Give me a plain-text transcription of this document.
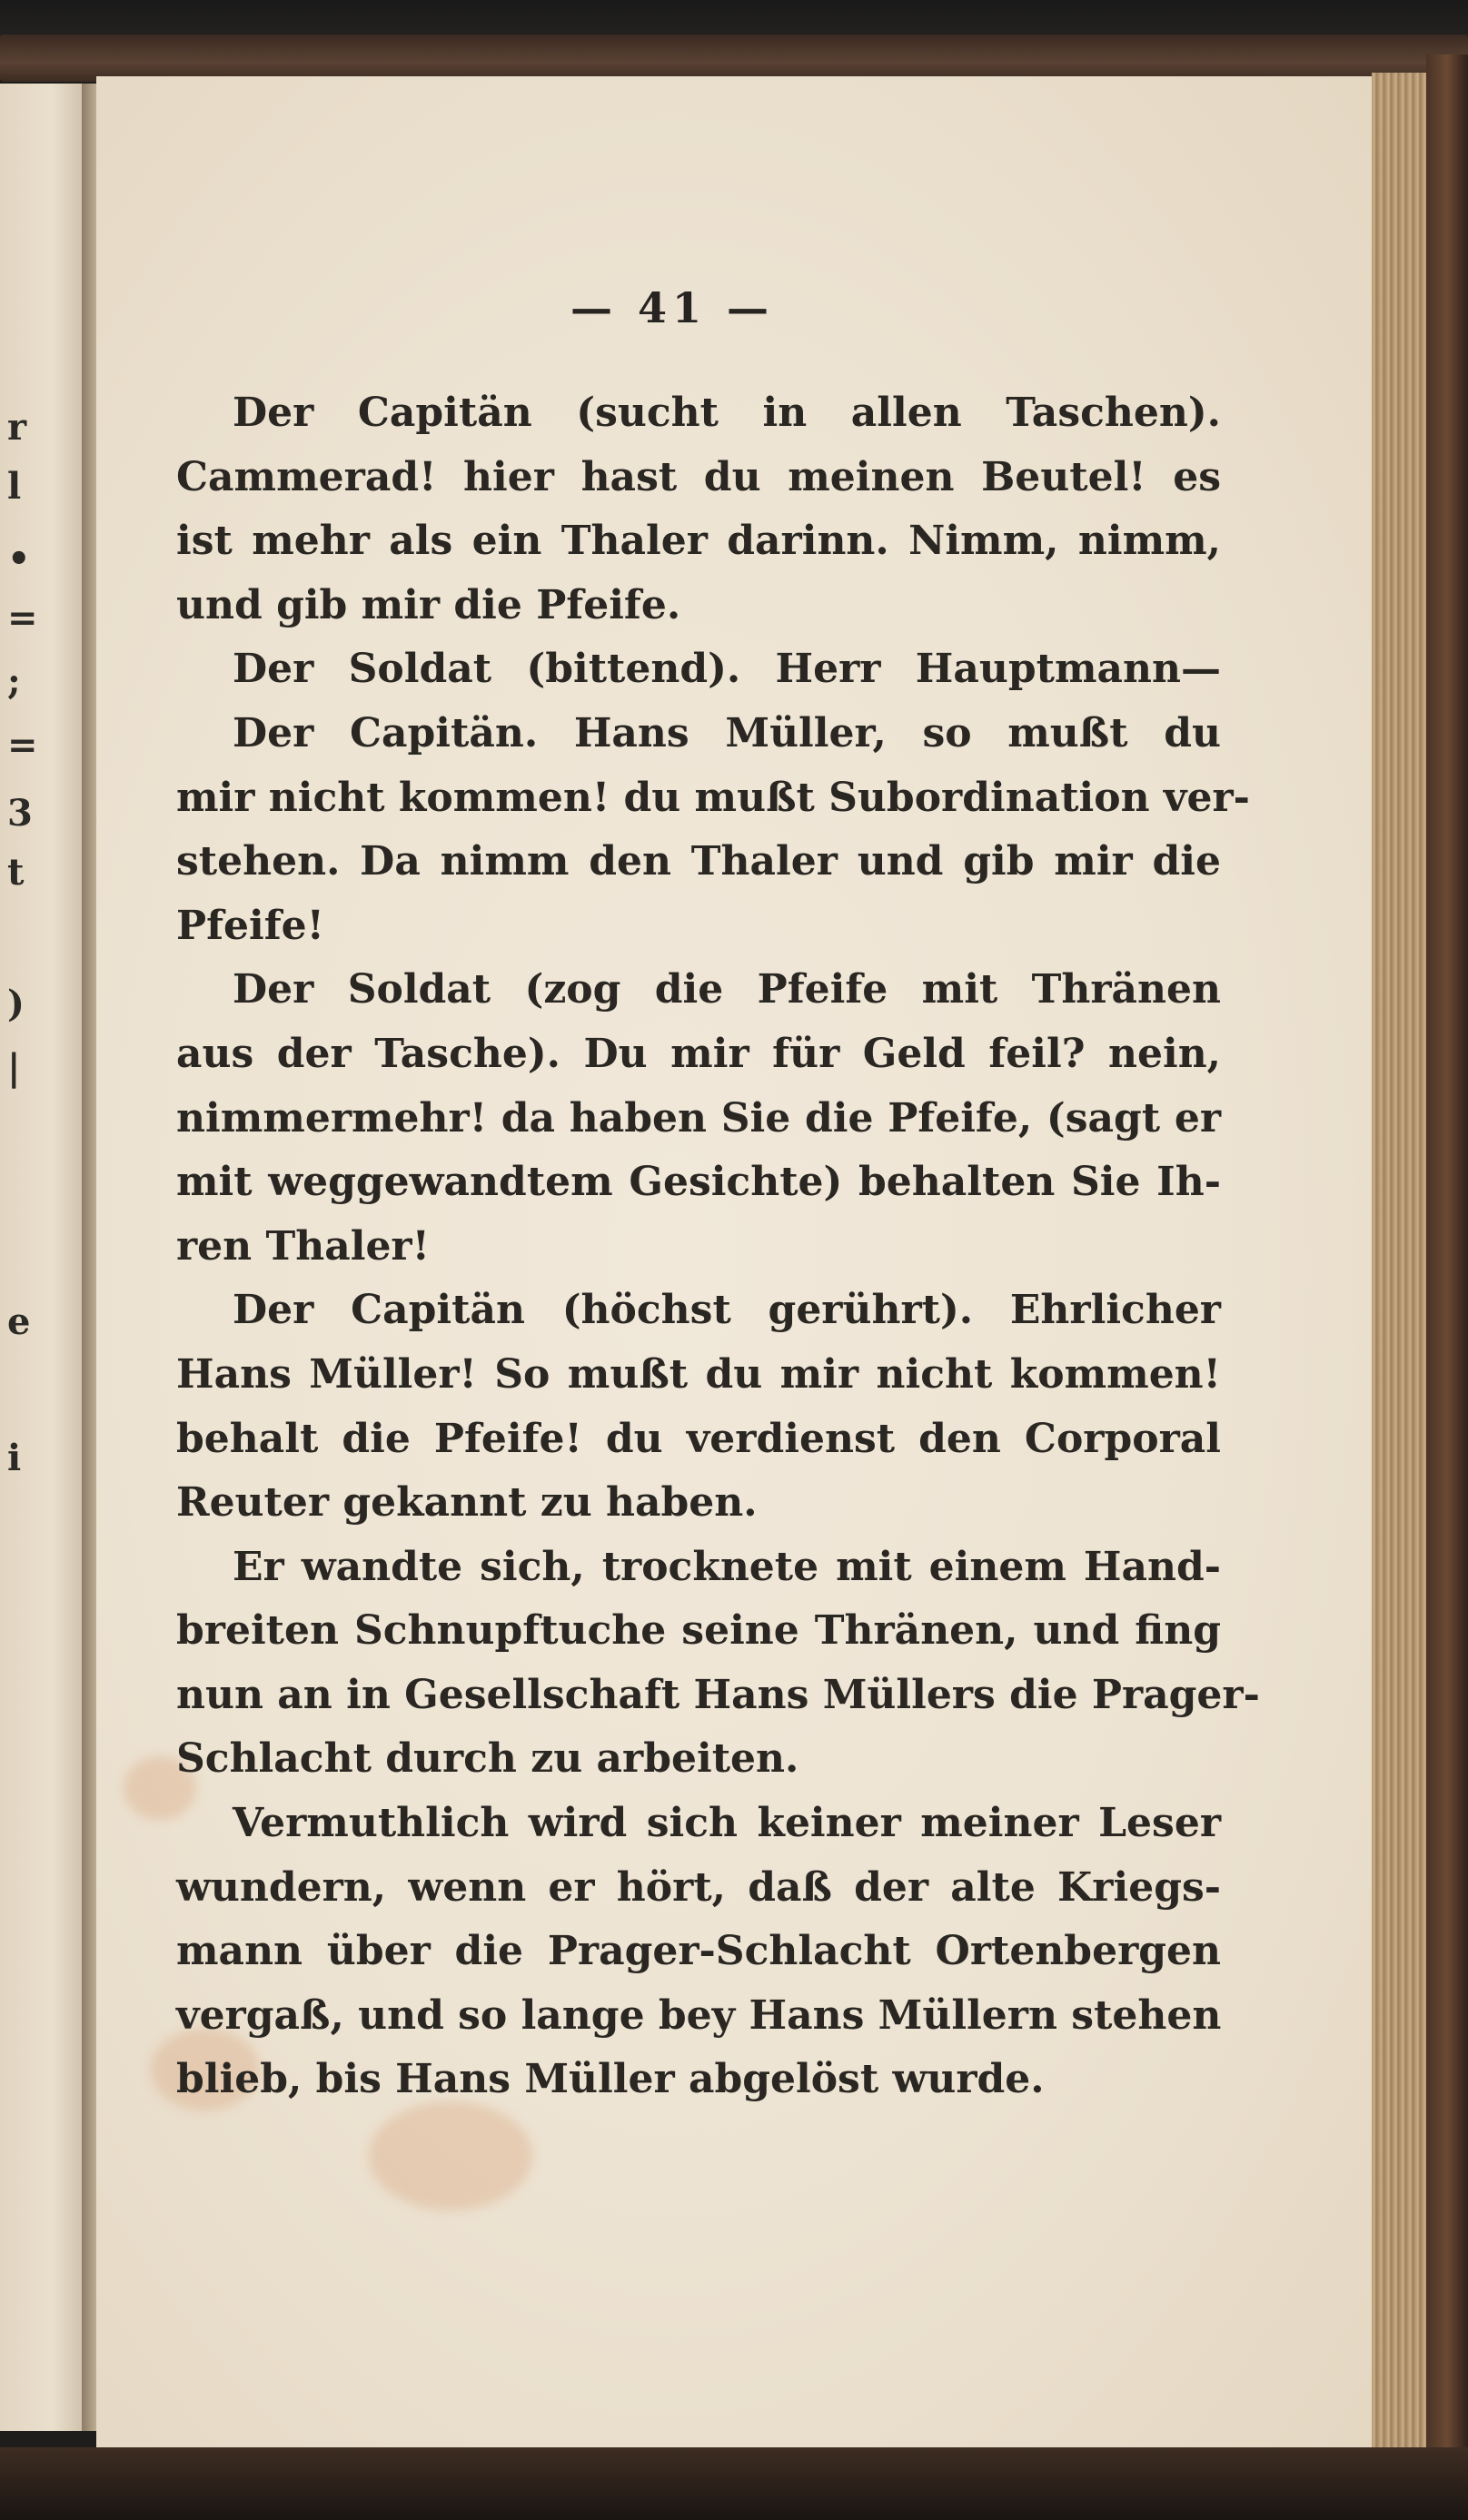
r
l
•
=
;
=
3
t
)
|
e
i
— 41 —
Der Capitän (sucht in allen Taschen).
Cammerad! hier hast du meinen Beutel! es
ist mehr als ein Thaler darinn. Nimm, nimm,
und gib mir die Pfeife.
Der Soldat (bittend). Herr Hauptmann—
Der Capitän. Hans Müller, so mußt du
mir nicht kommen! du mußt Subordination ver-
stehen. Da nimm den Thaler und gib mir die
Pfeife!
Der Soldat (zog die Pfeife mit Thränen
aus der Tasche). Du mir für Geld feil? nein,
nimmermehr! da haben Sie die Pfeife, (sagt er
mit weggewandtem Gesichte) behalten Sie Ih-
ren Thaler!
Der Capitän (höchst gerührt). Ehrlicher
Hans Müller! So mußt du mir nicht kommen!
behalt die Pfeife! du verdienst den Corporal
Reuter gekannt zu haben.
Er wandte sich, trocknete mit einem Hand-
breiten Schnupftuche seine Thränen, und fing
nun an in Gesellschaft Hans Müllers die Prager-
Schlacht durch zu arbeiten.
Vermuthlich wird sich keiner meiner Leser
wundern, wenn er hört, daß der alte Kriegs-
mann über die Prager-Schlacht Ortenbergen
vergaß, und so lange bey Hans Müllern stehen
blieb, bis Hans Müller abgelöst wurde.
